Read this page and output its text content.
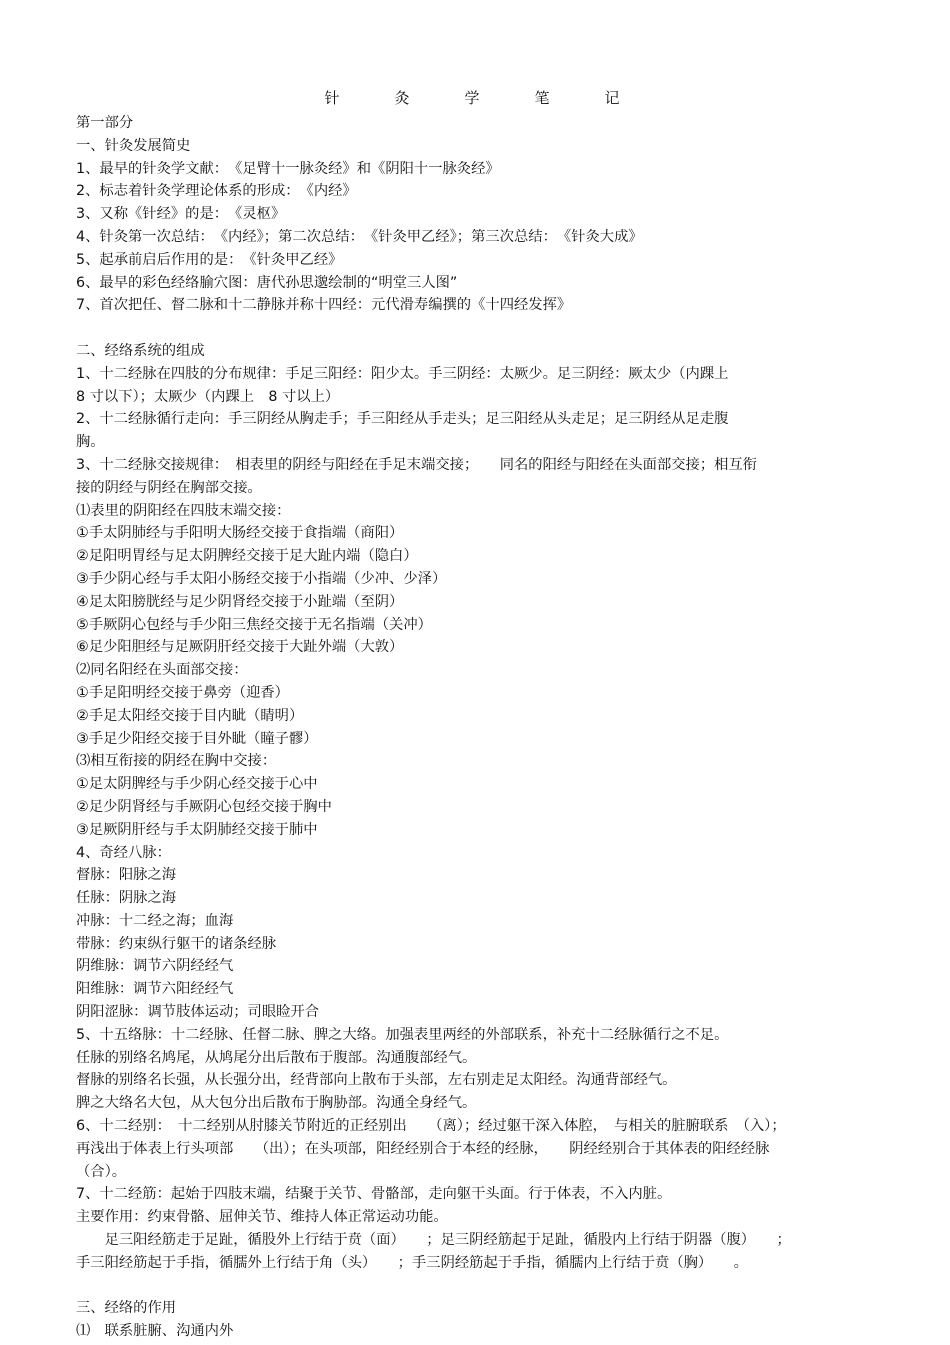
针　灸　学　笔　记
第一部分
一、针灸发展简史
1、最早的针灸学文献：　《足臂十一脉灸经》和《阴阳十一脉灸经》
2、标志着针灸学理论体系的形成：　《内经》
3、又称《针经》的是：　《灵枢》
4、针灸第一次总结：　《内经》；第二次总结：　《针灸甲乙经》；第三次总结：　《针灸大成》
5、起承前启后作用的是：　《针灸甲乙经》
6、最早的彩色经络腧穴图：唐代孙思邈绘制的“明堂三人图”
7、首次把任、督二脉和十二静脉并称十四经：元代滑寿编撰的《十四经发挥》
二、经络系统的组成
1、十二经脉在四肢的分布规律：手足三阳经：阳少太。手三阴经：太厥少。足三阴经：厥太少（内踝上
8 寸以下）；太厥少（内踝上　8 寸以上）
2、十二经脉循行走向：手三阴经从胸走手；手三阳经从手走头；足三阳经从头走足；足三阴经从足走腹
胸。
3、十二经脉交接规律：　相表里的阴经与阳经在手足末端交接；　　同名的阳经与阳经在头面部交接；相互衔
接的阴经与阴经在胸部交接。
⑴表里的阴阳经在四肢末端交接：
①手太阴肺经与手阳明大肠经交接于食指端（商阳）
②足阳明胃经与足太阴脾经交接于足大趾内端（隐白）
③手少阴心经与手太阳小肠经交接于小指端（少冲、少泽）
④足太阳膀胱经与足少阴肾经交接于小趾端（至阴）
⑤手厥阴心包经与手少阳三焦经交接于无名指端（关冲）
⑥足少阳胆经与足厥阴肝经交接于大趾外端（大敦）
⑵同名阳经在头面部交接：
①手足阳明经交接于鼻旁（迎香）
②手足太阳经交接于目内眦（睛明）
③手足少阳经交接于目外眦（瞳子髎）
⑶相互衔接的阴经在胸中交接：
①足太阴脾经与手少阴心经交接于心中
②足少阴肾经与手厥阴心包经交接于胸中
③足厥阴肝经与手太阴肺经交接于肺中
4、奇经八脉：
督脉：阳脉之海
任脉：阴脉之海
冲脉：十二经之海；血海
带脉：约束纵行躯干的诸条经脉
阴维脉：调节六阴经经气
阳维脉：调节六阳经经气
阴阳涩脉：调节肢体运动；司眼睑开合
5、十五络脉：十二经脉、任督二脉、脾之大络。加强表里两经的外部联系，补充十二经脉循行之不足。
任脉的别络名鸠尾，从鸠尾分出后散布于腹部。沟通腹部经气。
督脉的别络名长强，从长强分出，经背部向上散布于头部，左右别走足太阳经。沟通背部经气。
脾之大络名大包，从大包分出后散布于胸胁部。沟通全身经气。
6、十二经别：　十二经别从肘膝关节附近的正经别出　　（离）；经过躯干深入体腔，　与相关的脏腑联系　（入）；
再浅出于体表上行头项部　　（出）；在头项部，阳经经别合于本经的经脉，　　阴经经别合于其体表的阳经经脉
（合）。
7、十二经筋：起始于四肢末端，结聚于关节、骨骼部，走向躯干头面。行于体表，不入内脏。
主要作用：约束骨骼、屈伸关节、维持人体正常运动功能。
　　足三阳经筋走于足趾，循股外上行结于贲（面）　　；足三阴经筋起于足趾，循股内上行结于阴器（腹）　　；
手三阳经筋起于手指，循臑外上行结于角（头）　　；手三阴经筋起于手指，循臑内上行结于贲（胸）　　。
三、经络的作用
⑴　联系脏腑、沟通内外
